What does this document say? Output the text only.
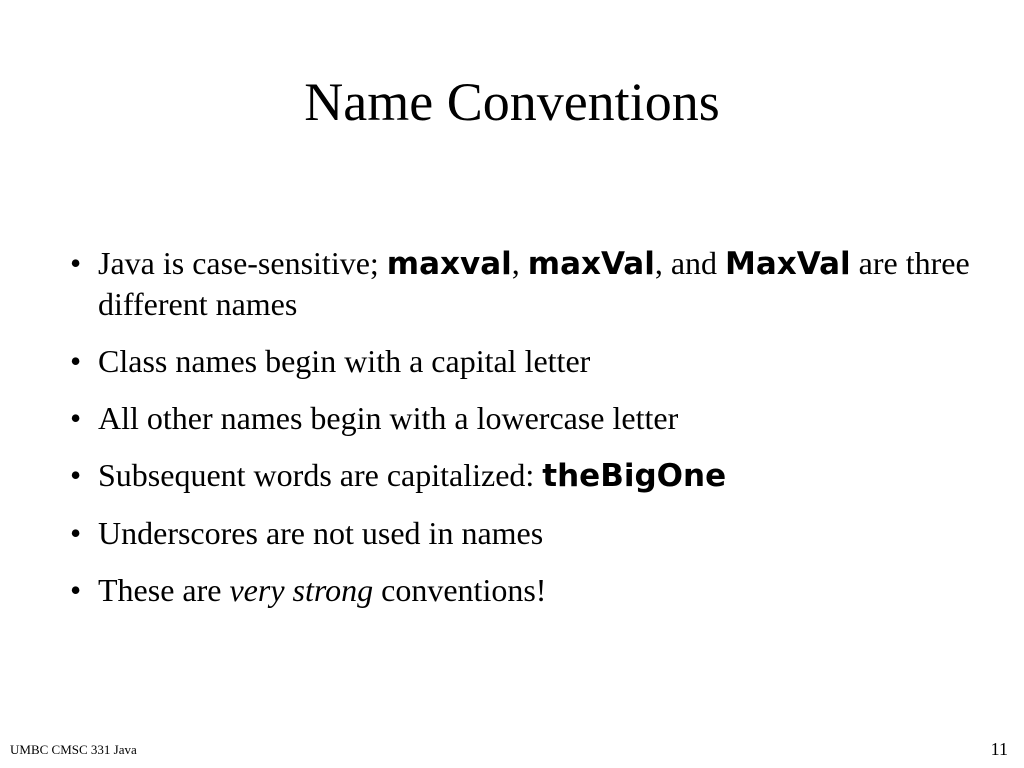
Name Conventions
• Java is case-sensitive; maxval, maxVal, and MaxVal are three different names
• Class names begin with a capital letter
• All other names begin with a lowercase letter
• Subsequent words are capitalized: theBigOne
• Underscores are not used in names
• These are very strong conventions!
UMBC CMSC 331 Java	11
